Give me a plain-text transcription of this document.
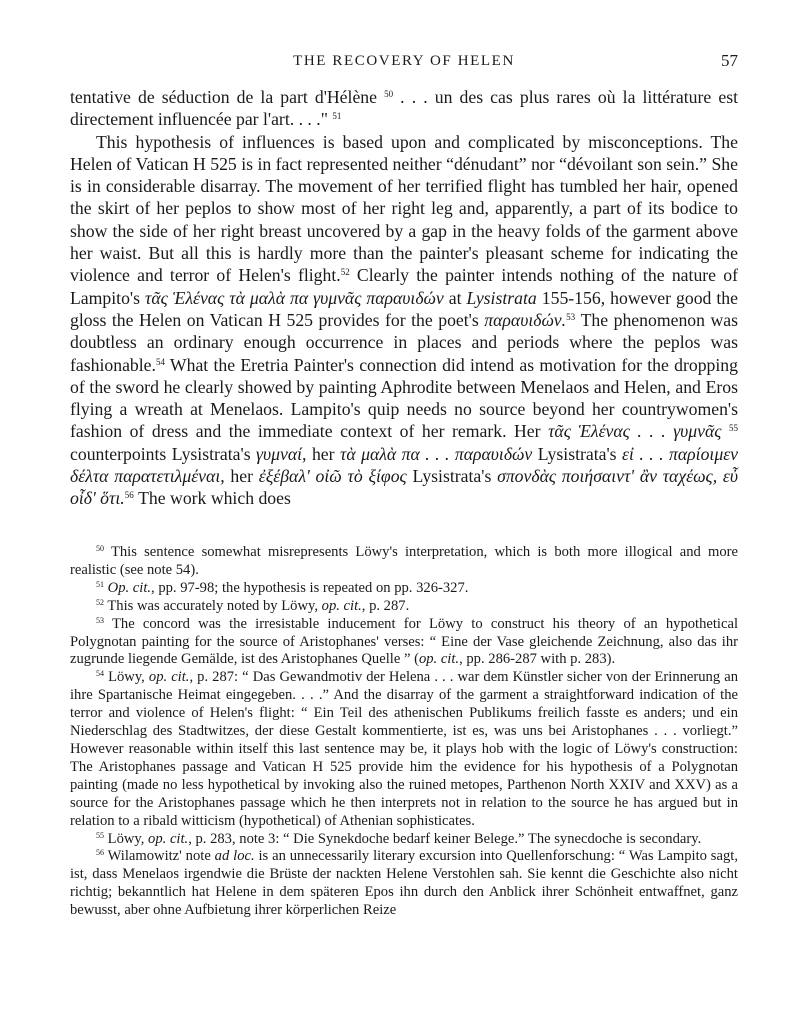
THE RECOVERY OF HELEN	57

tentative de séduction de la part d'Hélène $^{50}$ . . . un des cas plus rares où la littérature est directement influencée par l'art. . . ." $^{51}$

This hypothesis of influences is based upon and complicated by misconceptions. The Helen of Vatican H 525 is in fact represented neither “dénudant” nor “dévoilant son sein.” She is in considerable disarray. The movement of her terrified flight has tumbled her hair, opened the skirt of her peplos to show most of her right leg and, apparently, a part of its bodice to show the side of her right breast uncovered by a gap in the heavy folds of the garment above her waist. But all this is hardly more than the painter's pleasant scheme for indicating the violence and terror of Helen's flight.$^{52}$ Clearly the painter intends nothing of the nature of Lampito's τᾶς Ἑλένας τὰ μαλὰ πα γυμνᾶς παραυιδών at Lysistrata 155-156, however good the gloss the Helen on Vatican H 525 provides for the poet's παραυιδών.$^{53}$ The phenomenon was doubtless an ordinary enough occurrence in places and periods where the peplos was fashionable.$^{54}$ What the Eretria Painter's connection did intend as motivation for the dropping of the sword he clearly showed by painting Aphrodite between Menelaos and Helen, and Eros flying a wreath at Menelaos. Lampito's quip needs no source beyond her countrywomen's fashion of dress and the immediate context of her remark. Her τᾶς Ἑλένας . . . γυμνᾶς $^{55}$ counterpoints Lysistrata's γυμναί, her τὰ μαλὰ πα . . . παραυιδών Lysistrata's εἰ . . . παρίοιμεν δέλτα παρατετιλμέναι, her ἐξέβαλ' οἰῶ τὸ ξίφος Lysistrata's σπονδὰς ποιήσαιντ' ἂν ταχέως, εὖ οἶδ' ὅτι.$^{56}$ The work which does

$^{50}$ This sentence somewhat misrepresents Löwy's interpretation, which is both more illogical and more realistic (see note 54).

$^{51}$ Op. cit., pp. 97-98; the hypothesis is repeated on pp. 326-327.

$^{52}$ This was accurately noted by Löwy, op. cit., p. 287.

$^{53}$ The concord was the irresistable inducement for Löwy to construct his theory of an hypothetical Polygnotan painting for the source of Aristophanes' verses: “ Eine der Vase gleichende Zeichnung, also das ihr zugrunde liegende Gemälde, ist des Aristophanes Quelle ” (op. cit., pp. 286-287 with p. 283).

$^{54}$ Löwy, op. cit., p. 287: “ Das Gewandmotiv der Helena . . . war dem Künstler sicher von der Erinnerung an ihre Spartanische Heimat eingegeben. . . .” And the disarray of the garment a straightforward indication of the terror and violence of Helen's flight: “ Ein Teil des athenischen Publikums freilich fasste es anders; und ein Niederschlag des Stadtwitzes, der diese Gestalt kommentierte, ist es, was uns bei Aristophanes . . . vorliegt.” However reasonable within itself this last sentence may be, it plays hob with the logic of Löwy's construction: The Aristophanes passage and Vatican H 525 provide him the evidence for his hypothesis of a Polygnotan painting (made no less hypothetical by invoking also the ruined metopes, Parthenon North XXIV and XXV) as a source for the Aristophanes passage which he then interprets not in relation to the source he has argued but in relation to a ribald witticism (hypothetical) of Athenian sophisticates.

$^{55}$ Löwy, op. cit., p. 283, note 3: “ Die Synekdoche bedarf keiner Belege.” The synecdoche is secondary.

$^{56}$ Wilamowitz' note ad loc. is an unnecessarily literary excursion into Quellenforschung: “ Was Lampito sagt, ist, dass Menelaos irgendwie die Brüste der nackten Helene Verstohlen sah. Sie kennt die Geschichte also nicht richtig; bekanntlich hat Helene in dem späteren Epos ihn durch den Anblick ihrer Schönheit entwaffnet, ganz bewusst, aber ohne Aufbietung ihrer körperlichen Reize
